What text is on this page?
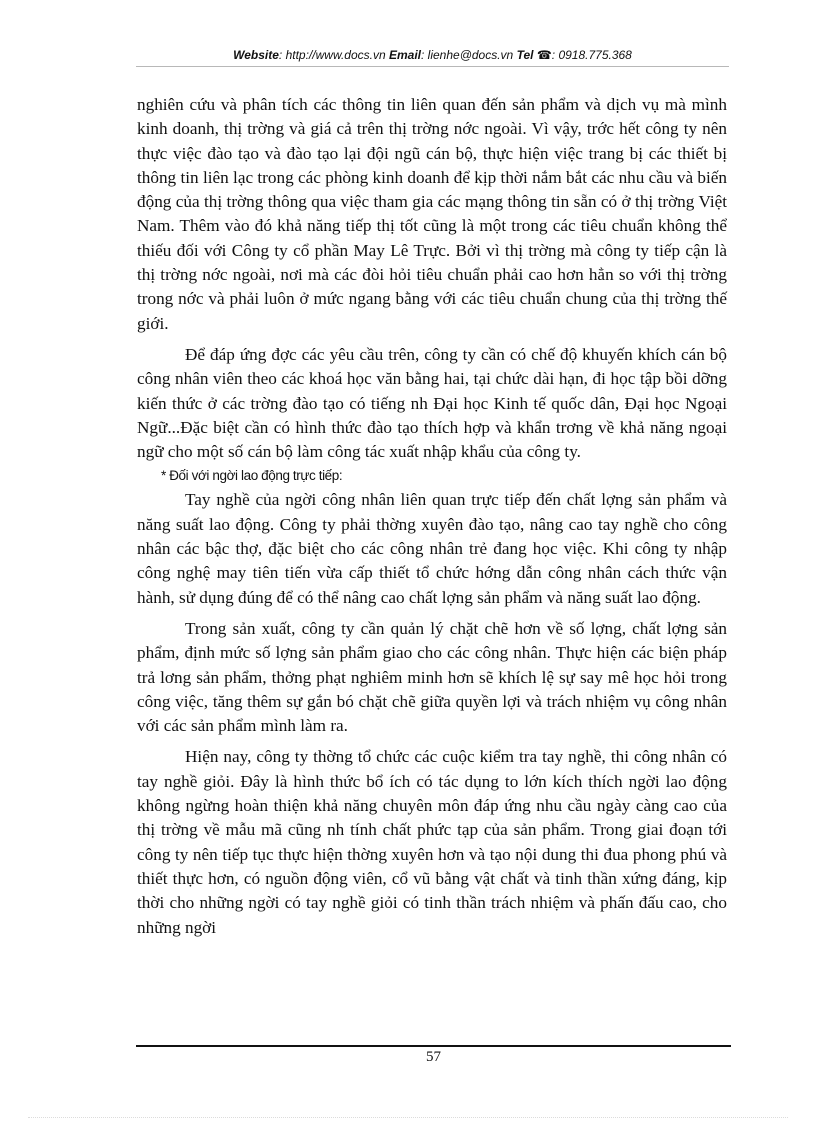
Website: http://www.docs.vn Email: lienhe@docs.vn Tel ☎: 0918.775.368

nghiên cứu và phân tích các thông tin liên quan đến sản phẩm và dịch vụ mà mình kinh doanh, thị trờng và giá cả trên thị trờng nớc ngoài. Vì vậy, trớc hết công ty nên thực việc đào tạo và đào tạo lại đội ngũ cán bộ, thực hiện việc trang bị các thiết bị thông tin liên lạc trong các phòng kinh doanh để kịp thời nắm bắt các nhu cầu và biến động của thị trờng thông qua việc tham gia các mạng thông tin sẵn có ở thị trờng Việt Nam. Thêm vào đó khả năng tiếp thị tốt cũng là một trong các tiêu chuẩn không thể thiếu đối với Công ty cổ phần May Lê Trực. Bởi vì thị trờng mà công ty tiếp cận là thị trờng nớc ngoài, nơi mà các đòi hỏi tiêu chuẩn phải cao hơn hẳn so với thị trờng trong nớc và phải luôn ở mức ngang bằng với các tiêu chuẩn chung của thị trờng thế giới.

Để đáp ứng đợc các yêu cầu trên, công ty cần có chế độ khuyến khích cán bộ công nhân viên theo các khoá học văn bằng hai, tại chức dài hạn, đi học tập bồi dỡng kiến thức ở các trờng đào tạo có tiếng nh Đại học Kinh tế quốc dân, Đại học Ngoại Ngữ...Đặc biệt cần có hình thức đào tạo thích hợp và khẩn trơng về khả năng ngoại ngữ cho một số cán bộ làm công tác xuất nhập khẩu của công ty.

* Đối với ngời lao động trực tiếp:

Tay nghề của ngời công nhân liên quan trực tiếp đến chất lợng sản phẩm và năng suất lao động. Công ty phải thờng xuyên đào tạo, nâng cao tay nghề cho công nhân các bậc thợ, đặc biệt cho các công nhân trẻ đang học việc. Khi công ty nhập công nghệ may tiên tiến vừa cấp thiết tổ chức hớng dẫn công nhân cách thức vận hành, sử dụng đúng để có thể nâng cao chất lợng sản phẩm và năng suất lao động.

Trong sản xuất, công ty cần quản lý chặt chẽ hơn về số lợng, chất lợng sản phẩm, định mức số lợng sản phẩm giao cho các công nhân. Thực hiện các biện pháp trả lơng sản phẩm, thởng phạt nghiêm minh hơn sẽ khích lệ sự say mê học hỏi trong công việc, tăng thêm sự gắn bó chặt chẽ giữa quyền lợi và trách nhiệm vụ công nhân với các sản phẩm mình làm ra.

Hiện nay, công ty thờng tổ chức các cuộc kiểm tra tay nghề, thi công nhân có tay nghề giỏi. Đây là hình thức bổ ích có tác dụng to lớn kích thích ngời lao động không ngừng hoàn thiện khả năng chuyên môn đáp ứng nhu cầu ngày càng cao của thị trờng về mẫu mã cũng nh tính chất phức tạp của sản phẩm. Trong giai đoạn tới công ty nên tiếp tục thực hiện thờng xuyên hơn và tạo nội dung thi đua phong phú và thiết thực hơn, có nguồn động viên, cổ vũ bằng vật chất và tinh thần xứng đáng, kịp thời cho những ngời có tay nghề giỏi có tinh thần trách nhiệm và phấn đấu cao, cho những ngời

57
